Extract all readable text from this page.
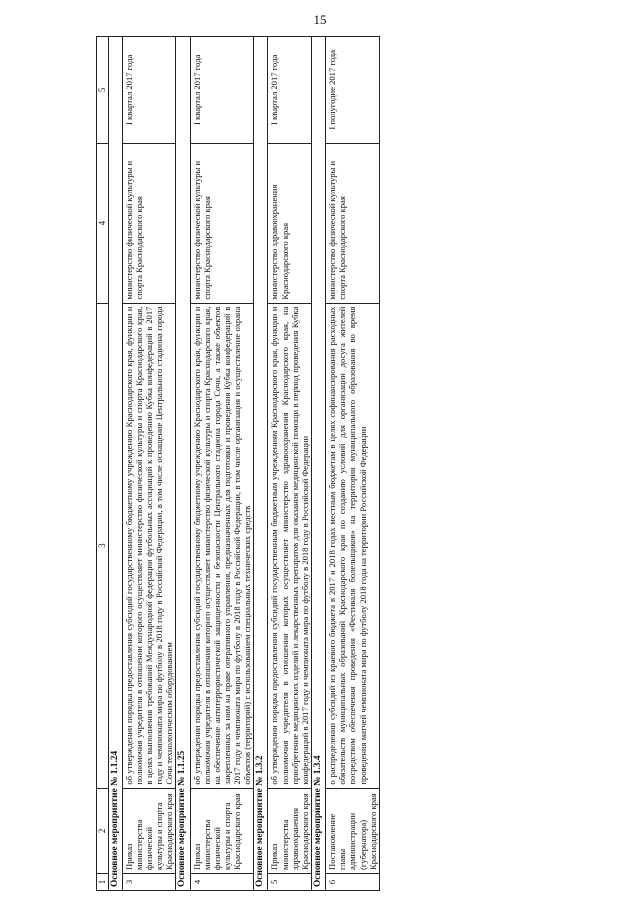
15
1	2	3	4	5
Основное мероприятие № 1.1.24				
3	Приказ министерства физической культуры и спорта Краснодарского края	об утверждении порядка предоставления субсидий государственному бюджетному учреждению Краснодарского края, функции и полномочия учредителя в отношении которого осуществляет министерство физической культуры и спорта Краснодарского края, в целях выполнения требований Международной федерации футбольных ассоциаций к проведению Кубка конфедераций в 2017 году и чемпионата мира по футболу в 2018 году в Российской Федерации, в том числе оснащение Центрального стадиона города Сочи технологическим оборудованием	министерство физической культуры и спорта Краснодарского края	I квартал 2017 года
Основное мероприятие № 1.1.25				
4	Приказ министерства физической культуры и спорта Краснодарского края	об утверждении порядка предоставления субсидий государственному бюджетному учреждению Краснодарского края, функции и полномочия учредителя в отношении которого осуществляет министерство физической культуры и спорта Краснодарского края, на обеспечение антитеррористической защищенности и безопасности Центрального стадиона города Сочи, а также объектов закрепленных за ним на праве оперативного управления, предназначенных для подготовки и проведения Кубка конфедераций в 2017 году и чемпионата мира по футболу в 2018 году в Российской Федерации, в том числе организация и осуществление охрана объектов (территорий) с использованием специальных технических средств	министерство физической культуры и спорта Краснодарского края	I квартал 2017 года
Основное мероприятие № 1.3.2				
5	Приказ министерства здравоохранения Краснодарского края	об утверждении порядка предоставления субсидий государственным бюджетным учреждениям Краснодарского края, функции и полномочия учредителя в отношении которых осуществляет министерство здравоохранения Краснодарского края, на приобретение медицинских изделий и лекарственных препаратов для оказания медицинской помощи в период проведения Кубка конфедераций в 2017 году и чемпионата мира по футболу в 2018 году в Российской Федерации	министерство здравоохранения Краснодарского края	I квартал 2017 года
Основное мероприятие № 1.3.4				
6	Постановление главы администрации (губернатора) Краснодарского края	о распределении субсидий из краевого бюджета в 2017 и 2018 годах местным бюджетам в целях софинансирования расходных обязательств муниципальных образований Краснодарского края по созданию условий для организации досуга жителей посредством обеспечения проведения «Фестиваля болельщиков» на территории муниципального образования во время проведения матчей чемпионата мира по футболу 2018 года на территории Российской Федерации	министерство физической культуры и спорта Краснодарского края	I полугодие 2017 года
